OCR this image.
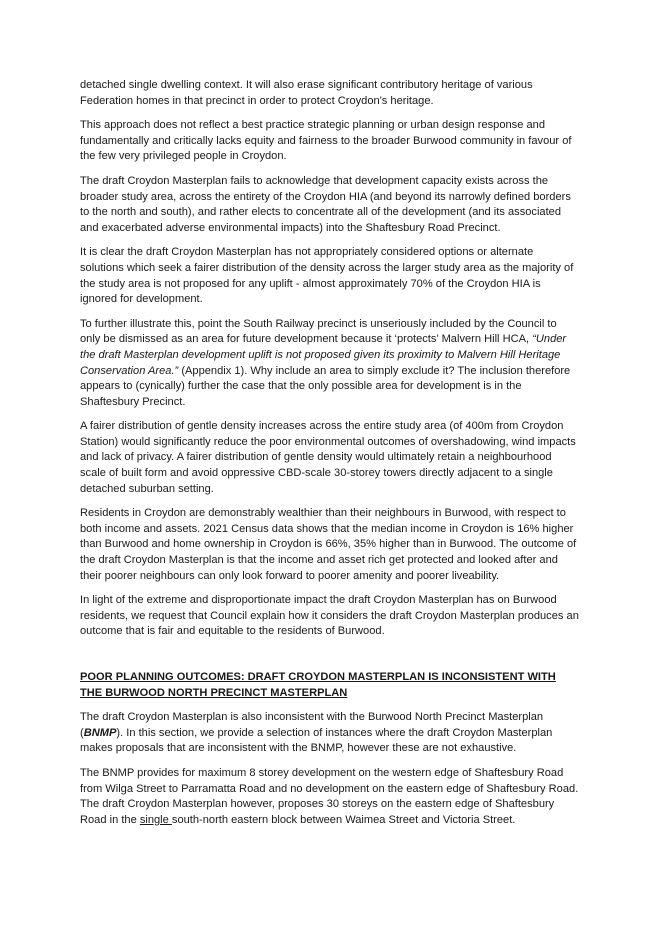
detached single dwelling context. It will also erase significant contributory heritage of various Federation homes in that precinct in order to protect Croydon's heritage.

This approach does not reflect a best practice strategic planning or urban design response and fundamentally and critically lacks equity and fairness to the broader Burwood community in favour of the few very privileged people in Croydon.

The draft Croydon Masterplan fails to acknowledge that development capacity exists across the broader study area, across the entirety of the Croydon HIA (and beyond its narrowly defined borders to the north and south), and rather elects to concentrate all of the development (and its associated and exacerbated adverse environmental impacts) into the Shaftesbury Road Precinct.

It is clear the draft Croydon Masterplan has not appropriately considered options or alternate solutions which seek a fairer distribution of the density across the larger study area as the majority of the study area is not proposed for any uplift - almost approximately 70% of the Croydon HIA is ignored for development.

To further illustrate this, point the South Railway precinct is unseriously included by the Council to only be dismissed as an area for future development because it ‘protects’ Malvern Hill HCA, “Under the draft Masterplan development uplift is not proposed given its proximity to Malvern Hill Heritage Conservation Area.” (Appendix 1). Why include an area to simply exclude it? The inclusion therefore appears to (cynically) further the case that the only possible area for development is in the Shaftesbury Precinct.

A fairer distribution of gentle density increases across the entire study area (of 400m from Croydon Station) would significantly reduce the poor environmental outcomes of overshadowing, wind impacts and lack of privacy. A fairer distribution of gentle density would ultimately retain a neighbourhood scale of built form and avoid oppressive CBD-scale 30-storey towers directly adjacent to a single detached suburban setting.

Residents in Croydon are demonstrably wealthier than their neighbours in Burwood, with respect to both income and assets. 2021 Census data shows that the median income in Croydon is 16% higher than Burwood and home ownership in Croydon is 66%, 35% higher than in Burwood. The outcome of the draft Croydon Masterplan is that the income and asset rich get protected and looked after and their poorer neighbours can only look forward to poorer amenity and poorer liveability.

In light of the extreme and disproportionate impact the draft Croydon Masterplan has on Burwood residents, we request that Council explain how it considers the draft Croydon Masterplan produces an outcome that is fair and equitable to the residents of Burwood.

POOR PLANNING OUTCOMES: DRAFT CROYDON MASTERPLAN IS INCONSISTENT WITH THE BURWOOD NORTH PRECINCT MASTERPLAN

The draft Croydon Masterplan is also inconsistent with the Burwood North Precinct Masterplan (BNMP). In this section, we provide a selection of instances where the draft Croydon Masterplan makes proposals that are inconsistent with the BNMP, however these are not exhaustive.

The BNMP provides for maximum 8 storey development on the western edge of Shaftesbury Road from Wilga Street to Parramatta Road and no development on the eastern edge of Shaftesbury Road. The draft Croydon Masterplan however, proposes 30 storeys on the eastern edge of Shaftesbury Road in the single south-north eastern block between Waimea Street and Victoria Street.
